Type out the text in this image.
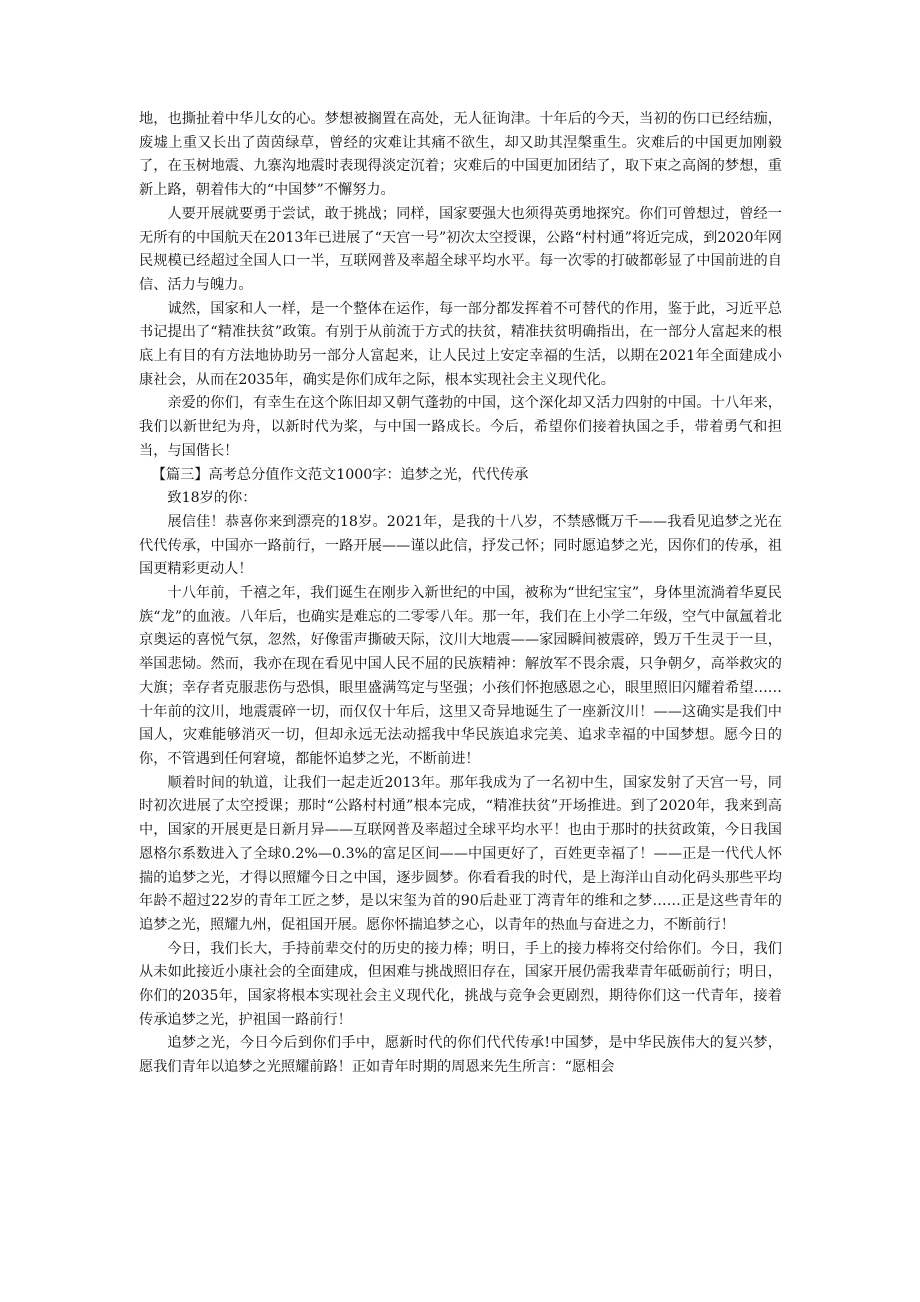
地，也撕扯着中华儿女的心。梦想被搁置在高处，无人征询津。十年后的今天，当初的伤口已经结痂，废墟上重又长出了茵茵绿草，曾经的灾难让其痛不欲生，却又助其涅槃重生。灾难后的中国更加刚毅了，在玉树地震、九寨沟地震时表现得淡定沉着；灾难后的中国更加团结了，取下束之高阁的梦想，重新上路，朝着伟大的“中国梦”不懈努力。

人要开展就要勇于尝试，敢于挑战；同样，国家要强大也须得英勇地探究。你们可曾想过，曾经一无所有的中国航天在2013年已进展了“天宫一号”初次太空授课，公路“村村通”将近完成，到2020年网民规模已经超过全国人口一半，互联网普及率超全球平均水平。每一次零的打破都彰显了中国前进的自信、活力与魄力。

诚然，国家和人一样，是一个整体在运作，每一部分都发挥着不可替代的作用，鉴于此，习近平总书记提出了“精准扶贫”政策。有别于从前流于方式的扶贫，精准扶贫明确指出，在一部分人富起来的根底上有目的有方法地协助另一部分人富起来，让人民过上安定幸福的生活，以期在2021年全面建成小康社会，从而在2035年，确实是你们成年之际，根本实现社会主义现代化。

亲爱的你们，有幸生在这个陈旧却又朝气蓬勃的中国，这个深化却又活力四射的中国。十八年来，我们以新世纪为舟，以新时代为桨，与中国一路成长。今后，希望你们接着执国之手，带着勇气和担当，与国偕长！

【篇三】高考总分值作文范文1000字：追梦之光，代代传承

致18岁的你：

展信佳！恭喜你来到漂亮的18岁。2021年，是我的十八岁，不禁感慨万千——我看见追梦之光在代代传承，中国亦一路前行，一路开展——谨以此信，抒发己怀；同时愿追梦之光，因你们的传承，祖国更精彩更动人！

十八年前，千禧之年，我们诞生在刚步入新世纪的中国，被称为“世纪宝宝”，身体里流淌着华夏民族“龙”的血液。八年后，也确实是难忘的二零零八年。那一年，我们在上小学二年级，空气中氤氲着北京奥运的喜悦气氛，忽然，好像雷声撕破天际，汶川大地震——家园瞬间被震碎，毁万千生灵于一旦，举国悲恸。然而，我亦在现在看见中国人民不屈的民族精神：解放军不畏余震，只争朝夕，高举救灾的大旗；幸存者克服悲伤与恐惧，眼里盛满笃定与坚强；小孩们怀抱感恩之心，眼里照旧闪耀着希望……十年前的汶川，地震震碎一切，而仅仅十年后，这里又奇异地诞生了一座新汶川！——这确实是我们中国人，灾难能够消灭一切，但却永远无法动摇我中华民族追求完美、追求幸福的中国梦想。愿今日的你，不管遇到任何窘境，都能怀追梦之光，不断前进！

顺着时间的轨道，让我们一起走近2013年。那年我成为了一名初中生，国家发射了天宫一号，同时初次进展了太空授课；那时“公路村村通”根本完成，“精准扶贫”开场推进。到了2020年，我来到高中，国家的开展更是日新月异——互联网普及率超过全球平均水平！也由于那时的扶贫政策，今日我国恩格尔系数进入了全球0.2%—0.3%的富足区间——中国更好了，百姓更幸福了！——正是一代代人怀揣的追梦之光，才得以照耀今日之中国，逐步圆梦。你看看我的时代，是上海洋山自动化码头那些平均年龄不超过22岁的青年工匠之梦，是以宋玺为首的90后赴亚丁湾青年的维和之梦……正是这些青年的追梦之光，照耀九州，促祖国开展。愿你怀揣追梦之心，以青年的热血与奋进之力，不断前行！

今日，我们长大，手持前辈交付的历史的接力棒；明日，手上的接力棒将交付给你们。今日，我们从未如此接近小康社会的全面建成，但困难与挑战照旧存在，国家开展仍需我辈青年砥砺前行；明日，你们的2035年，国家将根本实现社会主义现代化，挑战与竞争会更剧烈，期待你们这一代青年，接着传承追梦之光，护祖国一路前行！

追梦之光，今日今后到你们手中，愿新时代的你们代代传承!中国梦，是中华民族伟大的复兴梦，愿我们青年以追梦之光照耀前路！正如青年时期的周恩来先生所言：“愿相会
